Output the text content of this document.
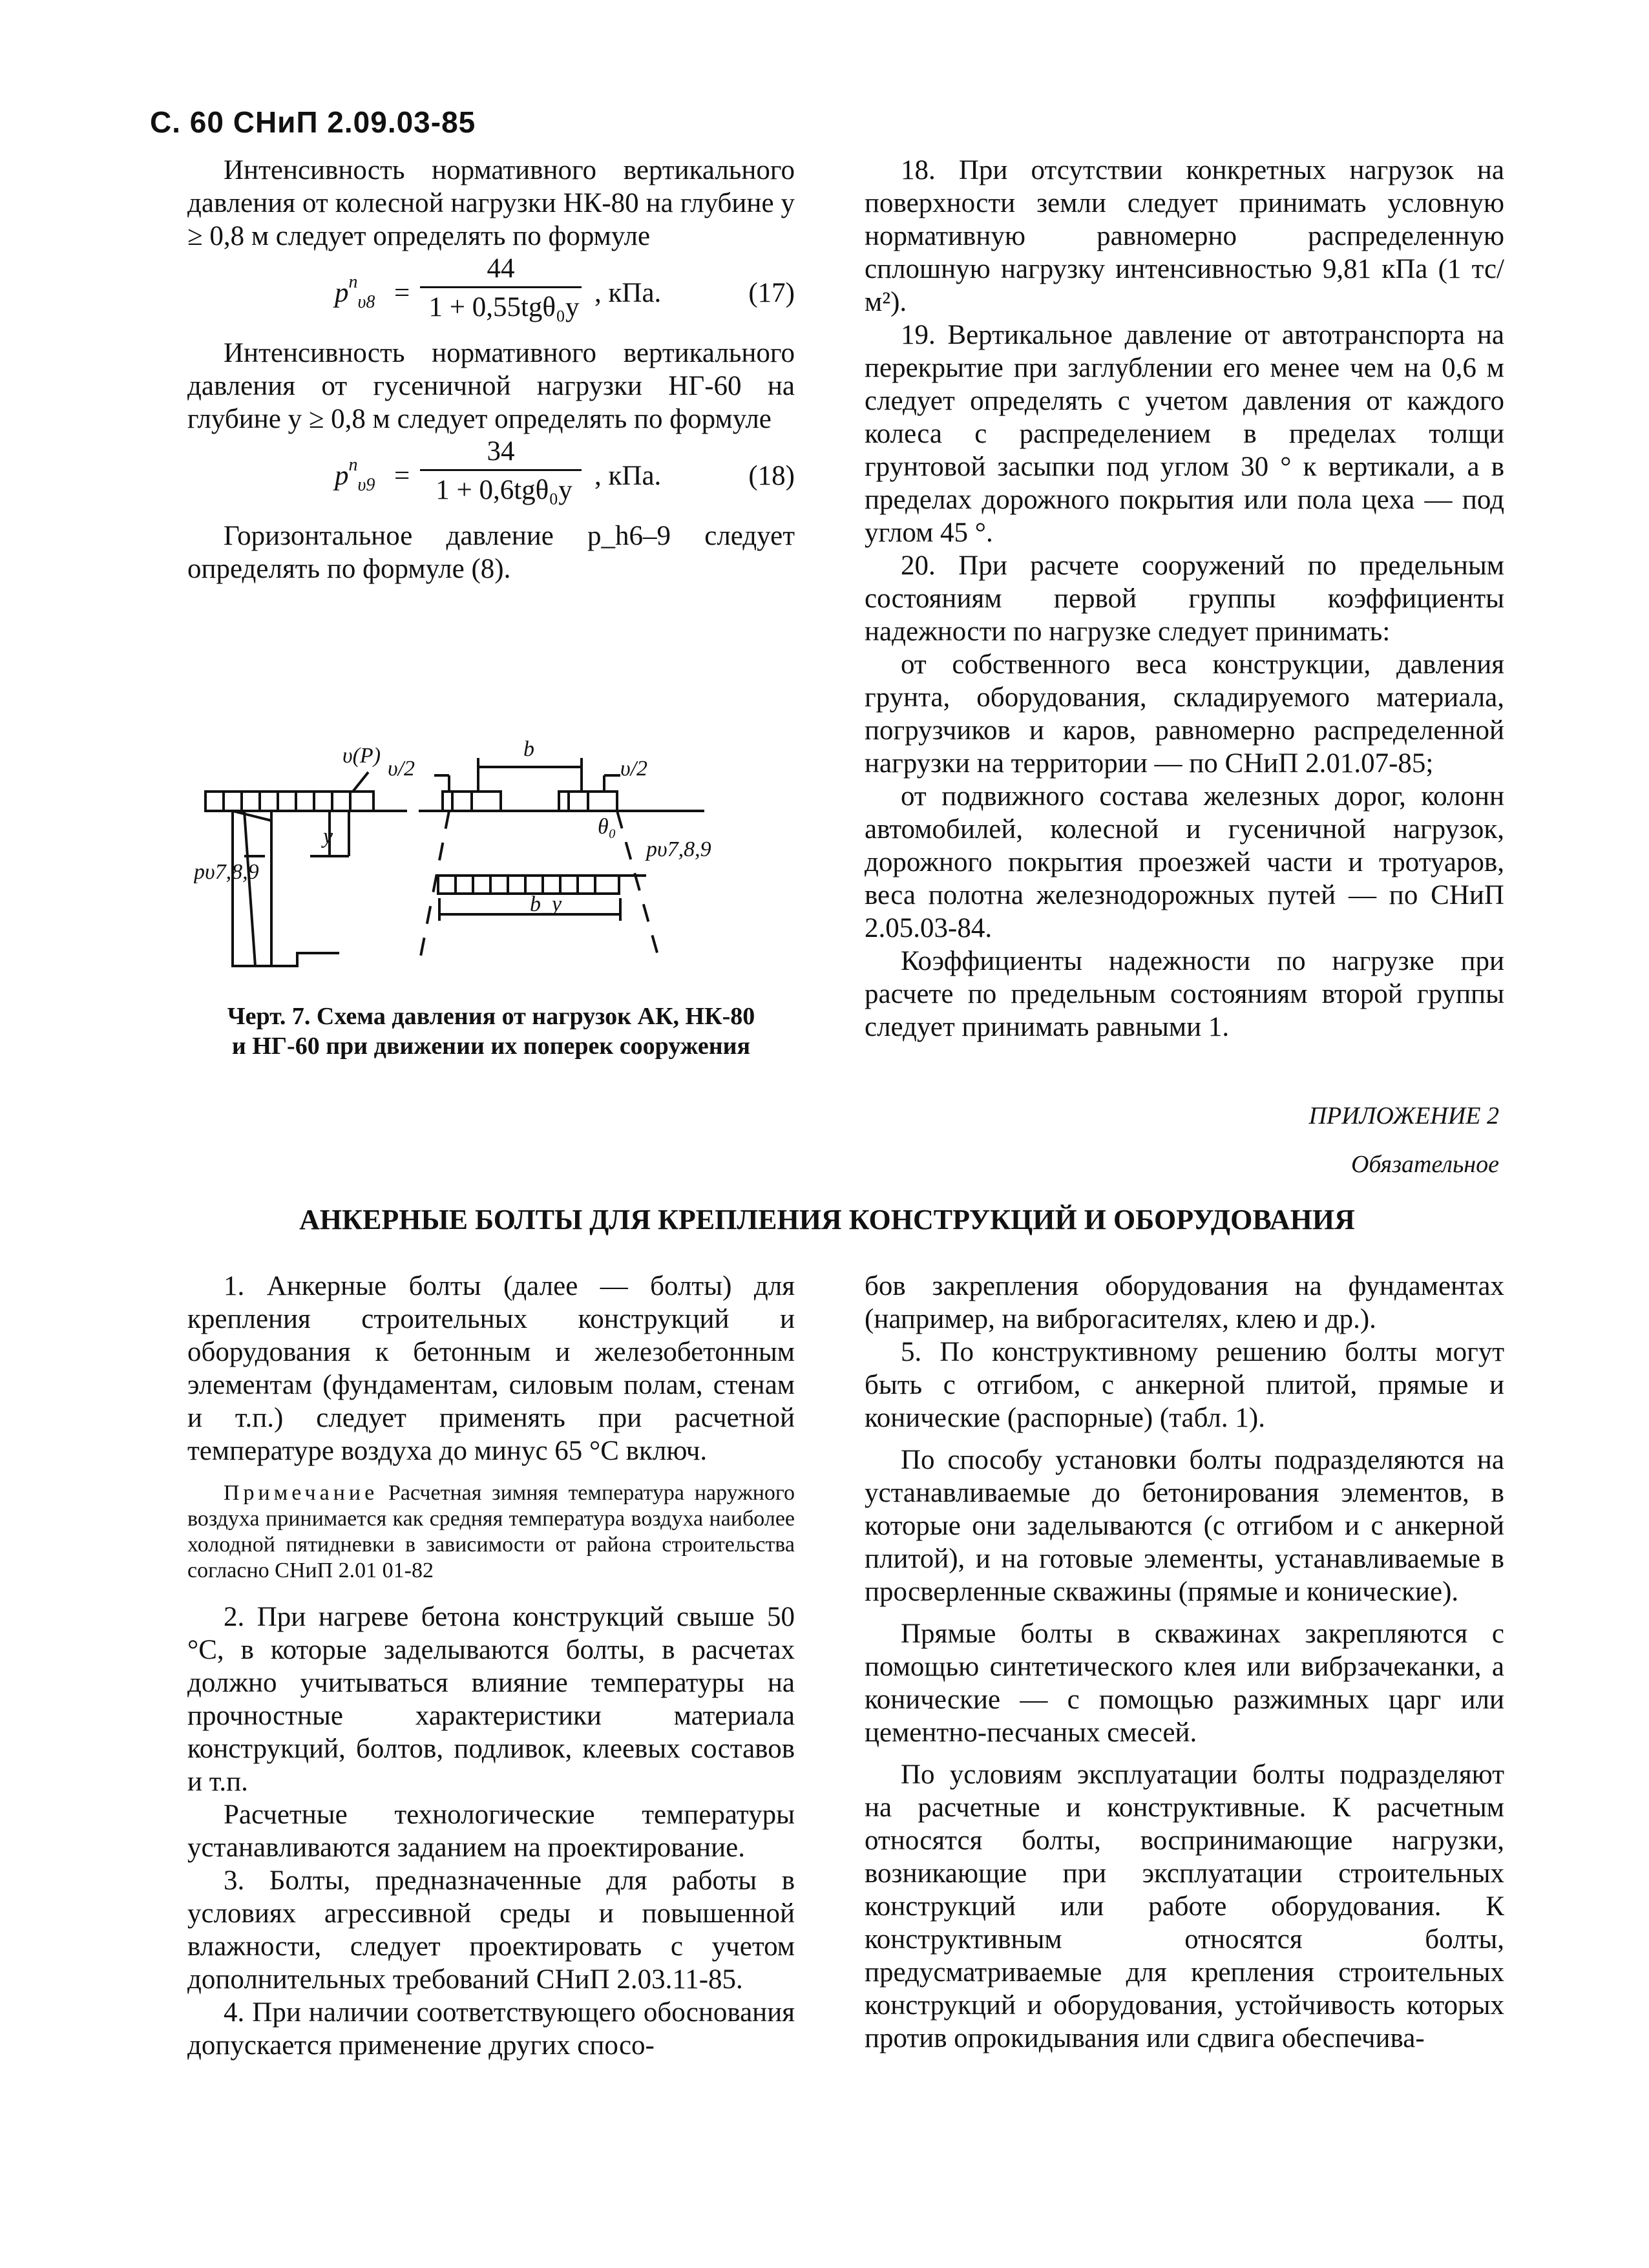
С. 60 СНиП 2.09.03-85

Интенсивность нормативного вертикального давления от колесной нагрузки НК-80 на глубине y ≥ 0,8 м следует определять по формуле

$p^n_{\upsilon 8}$ =
44
1 + 0,55tgθ₀y , кПа.	(17)

Интенсивность нормативного вертикального давления от гусеничной нагрузки НГ-60 на глубине y ≥ 0,8 м следует определять по формуле

$p^n_{\upsilon 9}$ =
34
1 + 0,6tgθ₀y , кПа.	(18)

Горизонтальное давление p_h6–9 следует определять по формуле (8).

υ(P)
y
pυ7,8,9
υ/2
b
υ/2
θ₀
pυ7,8,9
b_y
Черт. 7. Схема давления от нагрузок АК, НК-80
и НГ-60 при движении их поперек сооружения

18. При отсутствии конкретных нагрузок на поверхности земли следует принимать условную нормативную равномерно распределенную сплошную нагрузку интенсивностью 9,81 кПа (1 тс/м²).

19. Вертикальное давление от автотранспорта на перекрытие при заглублении его менее чем на 0,6 м следует определять с учетом давления от каждого колеса с распределением в пределах толщи грунтовой засыпки под углом 30 ° к вертикали, а в пределах дорожного покрытия или пола цеха — под углом 45 °.

20. При расчете сооружений по предельным состояниям первой группы коэффициенты надежности по нагрузке следует принимать:

от собственного веса конструкции, давления грунта, оборудования, складируемого материала, погрузчиков и каров, равномерно распределенной нагрузки на территории — по СНиП 2.01.07-85;

от подвижного состава железных дорог, колонн автомобилей, колесной и гусеничной нагрузок, дорожного покрытия проезжей части и тротуаров, веса полотна железнодорожных путей — по СНиП 2.05.03-84.

Коэффициенты надежности по нагрузке при расчете по предельным состояниям второй группы следует принимать равными 1.

ПРИЛОЖЕНИЕ 2
Обязательное
АНКЕРНЫЕ БОЛТЫ ДЛЯ КРЕПЛЕНИЯ КОНСТРУКЦИЙ И ОБОРУДОВАНИЯ

1. Анкерные болты (далее — болты) для крепления строительных конструкций и оборудования к бетонным и железобетонным элементам (фундаментам, силовым полам, стенам и т.п.) следует применять при расчетной температуре воздуха до минус 65 °С включ.

Примечание Расчетная зимняя температура наружного воздуха принимается как средняя температура воздуха наиболее холодной пятидневки в зависимости от района строительства согласно СНиП 2.01 01-82

2. При нагреве бетона конструкций свыше 50 °С, в которые заделываются болты, в расчетах должно учитываться влияние температуры на прочностные характеристики материала конструкций, болтов, подливок, клеевых составов и т.п.

Расчетные технологические температуры устанавливаются заданием на проектирование.

3. Болты, предназначенные для работы в условиях агрессивной среды и повышенной влажности, следует проектировать с учетом дополнительных требований СНиП 2.03.11-85.

4. При наличии соответствующего обоснования допускается применение других спосо-

бов закрепления оборудования на фундаментах (например, на виброгасителях, клею и др.).

5. По конструктивному решению болты могут быть с отгибом, с анкерной плитой, прямые и конические (распорные) (табл. 1).

По способу установки болты подразделяются на устанавливаемые до бетонирования элементов, в которые они заделываются (с отгибом и с анкерной плитой), и на готовые элементы, устанавливаемые в просверленные скважины (прямые и конические).

Прямые болты в скважинах закрепляются с помощью синтетического клея или вибрзачеканки, а конические — с помощью разжимных царг или цементно-песчаных смесей.

По условиям эксплуатации болты подразделяют на расчетные и конструктивные. К расчетным относятся болты, воспринимающие нагрузки, возникающие при эксплуатации строительных конструкций или работе оборудования. К конструктивным относятся болты, предусматриваемые для крепления строительных конструкций и оборудования, устойчивость которых против опрокидывания или сдвига обеспечива-
